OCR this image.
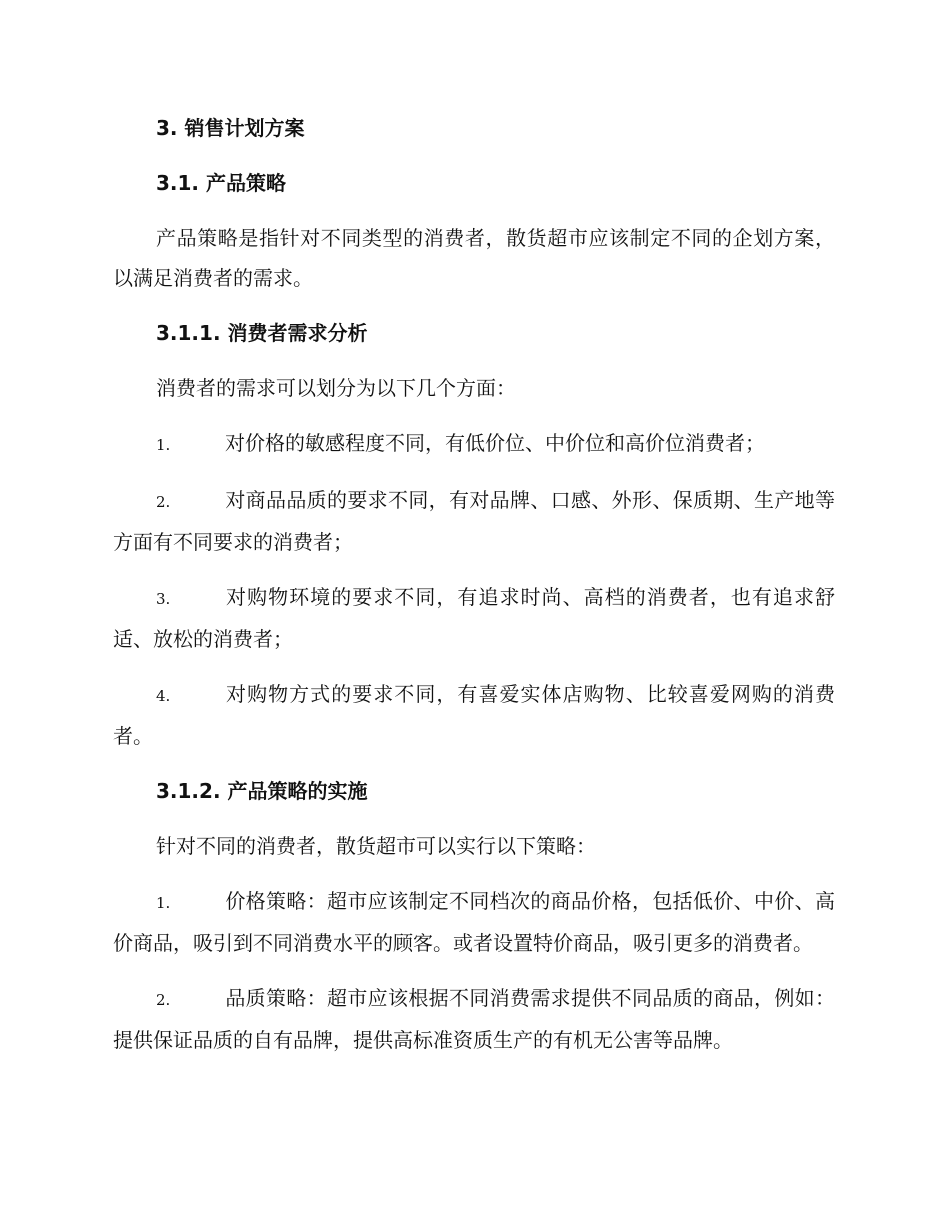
3. 销售计划方案
3.1. 产品策略
产品策略是指针对不同类型的消费者，散货超市应该制定不同的企划方案，以满足消费者的需求。
3.1.1. 消费者需求分析
消费者的需求可以划分为以下几个方面：
1.	对价格的敏感程度不同，有低价位、中价位和高价位消费者；
2.	对商品品质的要求不同，有对品牌、口感、外形、保质期、生产地等方面有不同要求的消费者；
3.	对购物环境的要求不同，有追求时尚、高档的消费者，也有追求舒适、放松的消费者；
4.	对购物方式的要求不同，有喜爱实体店购物、比较喜爱网购的消费者。
3.1.2. 产品策略的实施
针对不同的消费者，散货超市可以实行以下策略：
1.	价格策略：超市应该制定不同档次的商品价格，包括低价、中价、高价商品，吸引到不同消费水平的顾客。或者设置特价商品，吸引更多的消费者。
2.	品质策略：超市应该根据不同消费需求提供不同品质的商品，例如：提供保证品质的自有品牌，提供高标准资质生产的有机无公害等品牌。
